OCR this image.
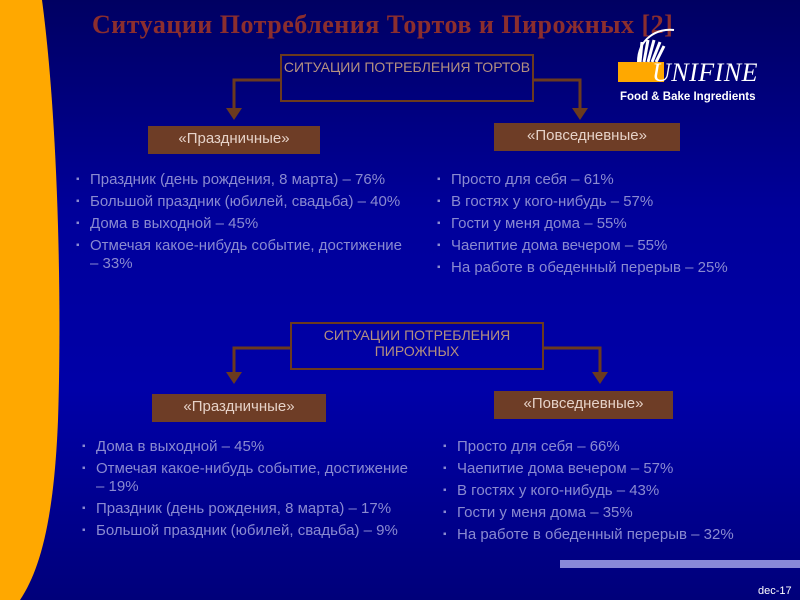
Ситуации Потребления Тортов и Пирожных [2]
UNIFINE
Food & Bake Ingredients
СИТУАЦИИ ПОТРЕБЛЕНИЯ ТОРТОВ
«Праздничные»	«Повседневные»
▪ Праздник (день рождения, 8 марта) – 76%
▪ Большой праздник (юбилей, свадьба) – 40%
▪ Дома в выходной – 45%
▪ Отмечая какое-нибудь событие, достижение – 33%
▪ Просто для себя – 61%
▪ В гостях у кого-нибудь – 57%
▪ Гости у меня дома – 55%
▪ Чаепитие дома вечером – 55%
▪ На работе в обеденный перерыв – 25%
СИТУАЦИИ ПОТРЕБЛЕНИЯ ПИРОЖНЫХ
«Праздничные»	«Повседневные»
▪ Дома в выходной – 45%
▪ Отмечая какое-нибудь событие, достижение – 19%
▪ Праздник (день рождения, 8 марта) – 17%
▪ Большой праздник (юбилей, свадьба) – 9%
▪ Просто для себя – 66%
▪ Чаепитие дома вечером – 57%
▪ В гостях у кого-нибудь – 43%
▪ Гости у меня дома – 35%
▪ На работе в обеденный перерыв – 32%
dec-17
